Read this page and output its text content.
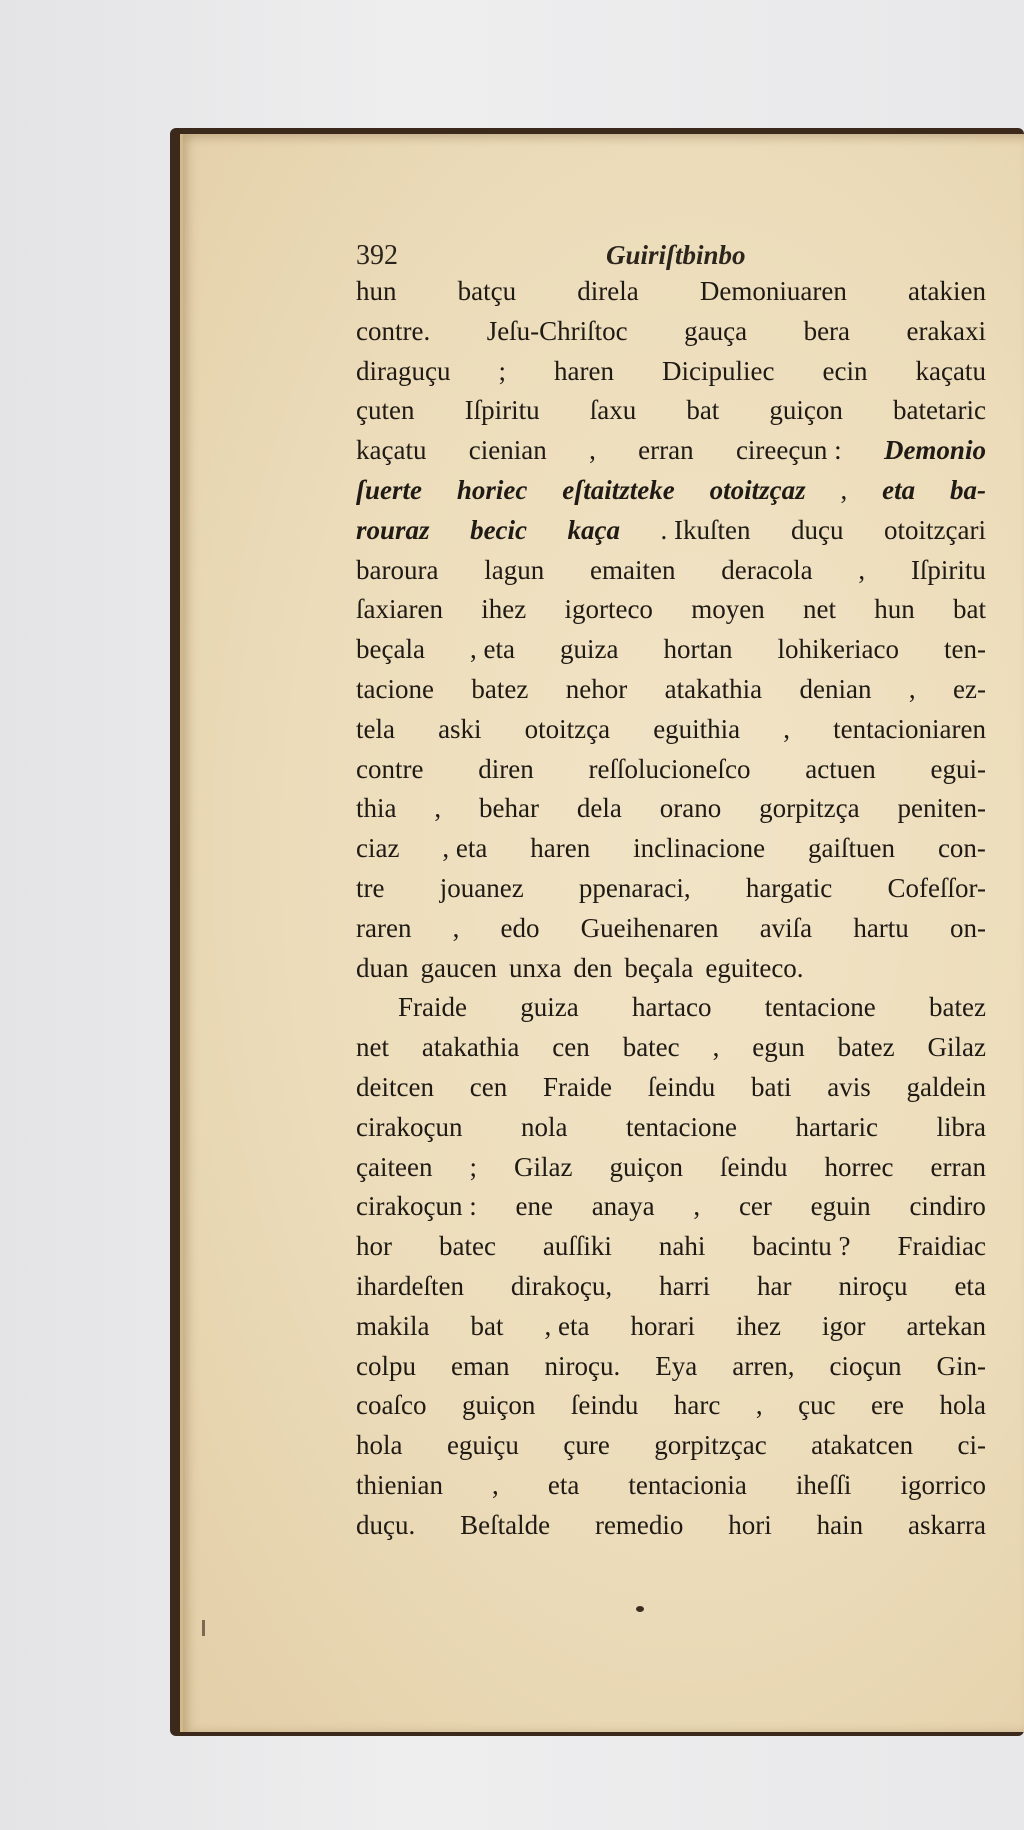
392	Guiriſtbinbo
hun batçu direla Demoniuaren atakien
contre. Jeſu-Chriſtoc gauça bera erakaxi
diraguçu ; haren Dicipuliec ecin kaçatu
çuten Iſpiritu ſaxu bat guiçon batetaric
kaçatu cienian , erran cireeçun : Demonio
ſuerte horiec eſtaitzteke otoitzçaz , eta ba-
rouraz becic kaça . Ikuſten duçu otoitzçari
baroura lagun emaiten deracola , Iſpiritu
ſaxiaren ihez igorteco moyen net hun bat
beçala , eta guiza hortan lohikeriaco ten-
tacione batez nehor atakathia denian , ez-
tela aski otoitzça eguithia , tentacioniaren
contre diren reſſolucioneſco actuen egui-
thia , behar dela orano gorpitzça peniten-
ciaz , eta haren inclinacione gaiſtuen con-
tre jouanez ppenaraci, hargatic Cofeſſor-
raren , edo Gueihenaren aviſa hartu on-
duan gaucen unxa den beçala eguiteco.
Fraide guiza hartaco tentacione batez
net atakathia cen batec , egun batez Gilaz
deitcen cen Fraide ſeindu bati avis galdein
cirakoçun nola tentacione hartaric libra
çaiteen ; Gilaz guiçon ſeindu horrec erran
cirakoçun : ene anaya , cer eguin cindiro
hor batec auſſiki nahi bacintu ? Fraidiac
ihardeſten dirakoçu, harri har niroçu eta
makila bat , eta horari ihez igor artekan
colpu eman niroçu. Eya arren, cioçun Gin-
coaſco guiçon ſeindu harc , çuc ere hola
hola eguiçu çure gorpitzçac atakatcen ci-
thienian , eta tentacionia iheſſi igorrico
duçu. Beſtalde remedio hori hain askarra
